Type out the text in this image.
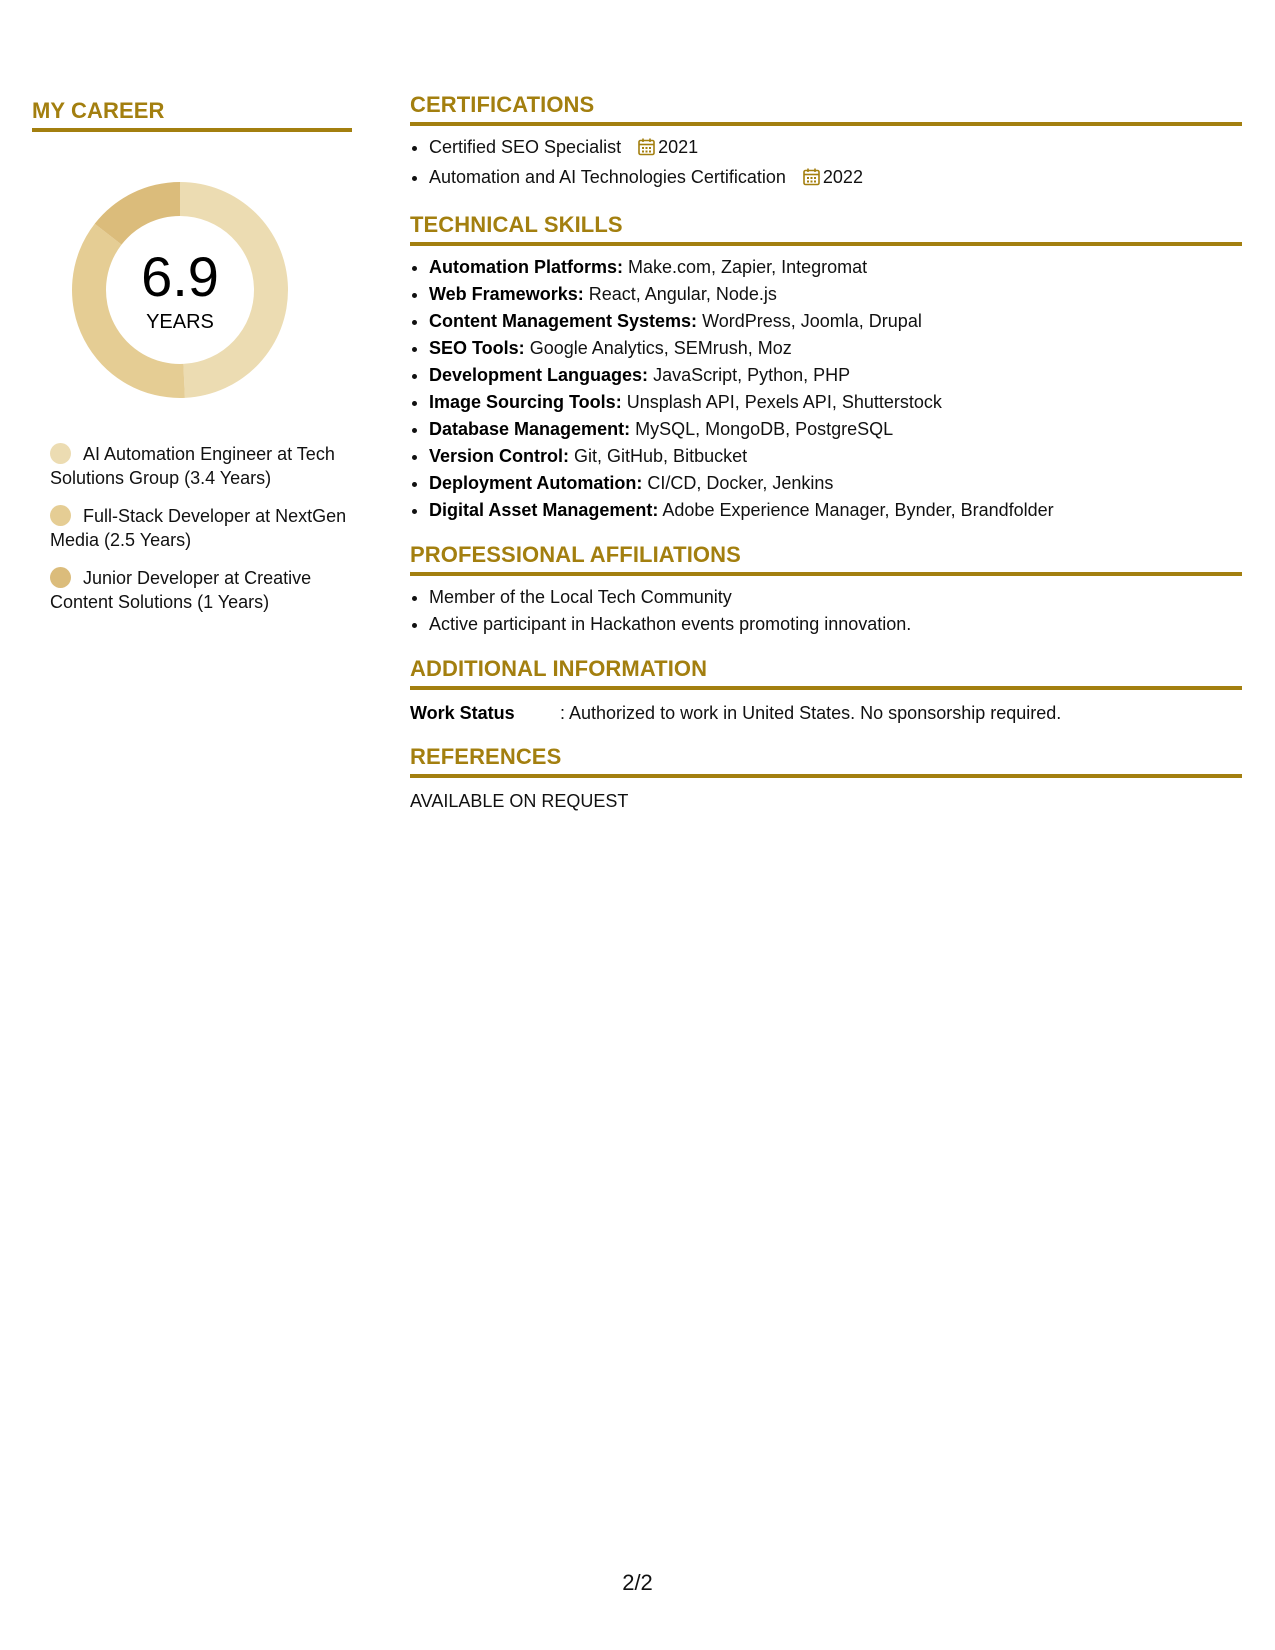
MY CAREER
6.9
YEARS
AI Automation Engineer at Tech Solutions Group (3.4 Years)
Full-Stack Developer at NextGen Media (2.5 Years)
Junior Developer at Creative Content Solutions (1 Years)
CERTIFICATIONS
• Certified SEO Specialist 2021
• Automation and AI Technologies Certification 2022
TECHNICAL SKILLS
• Automation Platforms: Make.com, Zapier, Integromat
• Web Frameworks: React, Angular, Node.js
• Content Management Systems: WordPress, Joomla, Drupal
• SEO Tools: Google Analytics, SEMrush, Moz
• Development Languages: JavaScript, Python, PHP
• Image Sourcing Tools: Unsplash API, Pexels API, Shutterstock
• Database Management: MySQL, MongoDB, PostgreSQL
• Version Control: Git, GitHub, Bitbucket
• Deployment Automation: CI/CD, Docker, Jenkins
• Digital Asset Management: Adobe Experience Manager, Bynder, Brandfolder
PROFESSIONAL AFFILIATIONS
• Member of the Local Tech Community
• Active participant in Hackathon events promoting innovation.
ADDITIONAL INFORMATION
Work Status	: Authorized to work in United States. No sponsorship required.
REFERENCES
AVAILABLE ON REQUEST
2/2
